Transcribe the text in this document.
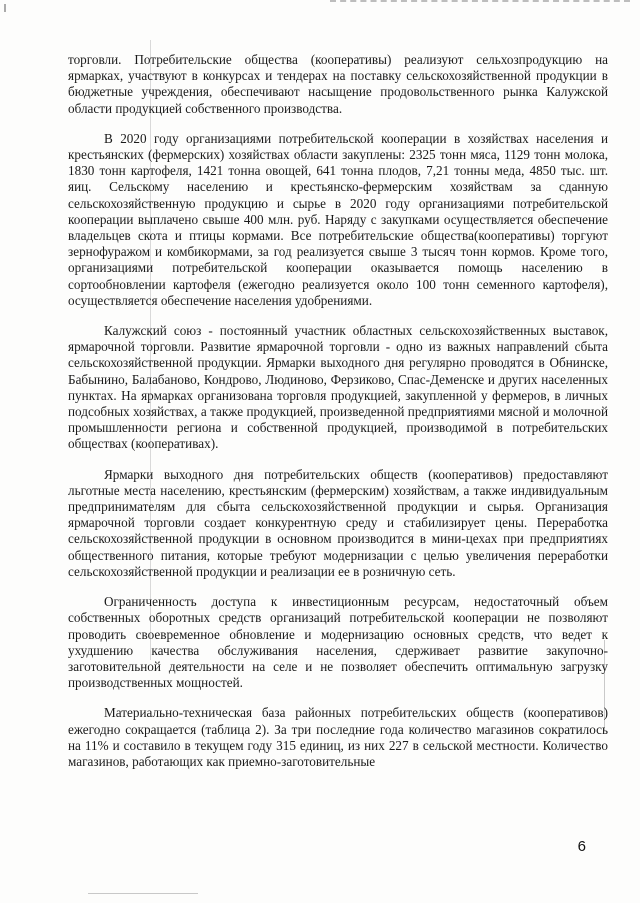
торговли. Потребительские общества (кооперативы) реализуют сельхозпродукцию на ярмарках, участвуют в конкурсах и тендерах на поставку сельскохозяйственной продукции в бюджетные учреждения, обеспечивают насыщение продовольственного рынка Калужской области продукцией собственного производства.

В 2020 году организациями потребительской кооперации в хозяйствах населения и крестьянских (фермерских) хозяйствах области закуплены: 2325 тонн мяса, 1129 тонн молока, 1830 тонн картофеля, 1421 тонна овощей, 641 тонна плодов, 7,21 тонны меда, 4850 тыс. шт. яиц. Сельскому населению и крестьянско-фермерским хозяйствам за сданную сельскохозяйственную продукцию и сырье в 2020 году организациями потребительской кооперации выплачено свыше 400 млн. руб. Наряду с закупками осуществляется обеспечение владельцев скота и птицы кормами. Все потребительские общества(кооперативы) торгуют зернофуражом и комбикормами, за год реализуется свыше 3 тысяч тонн кормов. Кроме того, организациями потребительской кооперации оказывается помощь населению в сортообновлении картофеля (ежегодно реализуется около 100 тонн семенного картофеля), осуществляется обеспечение населения удобрениями.

Калужский союз - постоянный участник областных сельскохозяйственных выставок, ярмарочной торговли. Развитие ярмарочной торговли - одно из важных направлений сбыта сельскохозяйственной продукции. Ярмарки выходного дня регулярно проводятся в Обнинске, Бабынино, Балабаново, Кондрово, Людиново, Ферзиково, Спас-Деменске и других населенных пунктах. На ярмарках организована торговля продукцией, закупленной у фермеров, в личных подсобных хозяйствах, а также продукцией, произведенной предприятиями мясной и молочной промышленности региона и собственной продукцией, производимой в потребительских обществах (кооперативах).

Ярмарки выходного дня потребительских обществ (кооперативов) предоставляют льготные места населению, крестьянским (фермерским) хозяйствам, а также индивидуальным предпринимателям для сбыта сельскохозяйственной продукции и сырья. Организация ярмарочной торговли создает конкурентную среду и стабилизирует цены. Переработка сельскохозяйственной продукции в основном производится в мини-цехах при предприятиях общественного питания, которые требуют модернизации с целью увеличения переработки сельскохозяйственной продукции и реализации ее в розничную сеть.

Ограниченность доступа к инвестиционным ресурсам, недостаточный объем собственных оборотных средств организаций потребительской кооперации не позволяют проводить своевременное обновление и модернизацию основных средств, что ведет к ухудшению качества обслуживания населения, сдерживает развитие закупочно-заготовительной деятельности на селе и не позволяет обеспечить оптимальную загрузку производственных мощностей.

Материально-техническая база районных потребительских обществ (кооперативов) ежегодно сокращается (таблица 2). За три последние года количество магазинов сократилось на 11% и составило в текущем году 315 единиц, из них 227 в сельской местности. Количество магазинов, работающих как приемно-заготовительные

6
